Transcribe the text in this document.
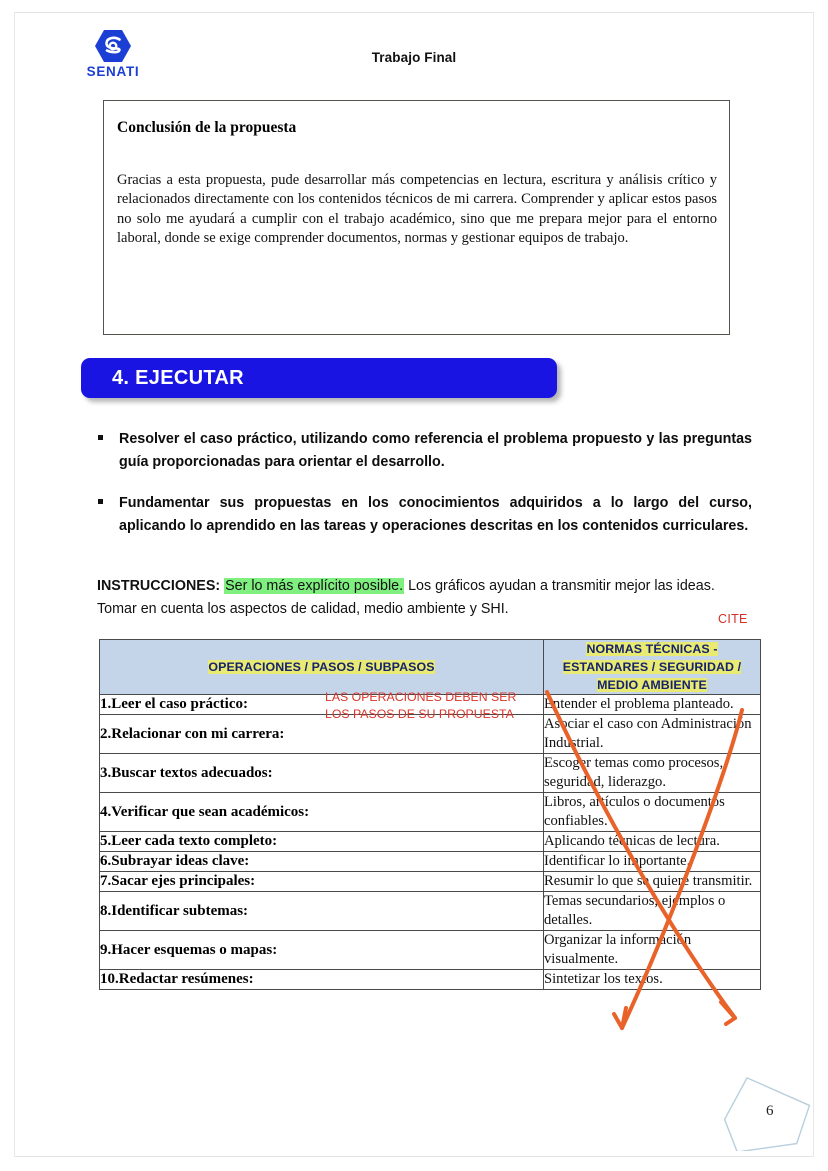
SENATI
Trabajo Final
Conclusión de la propuesta
Gracias a esta propuesta, pude desarrollar más competencias en lectura, escritura y análisis crítico y relacionados directamente con los contenidos técnicos de mi carrera. Comprender y aplicar estos pasos no solo me ayudará a cumplir con el trabajo académico, sino que me prepara mejor para el entorno laboral, donde se exige comprender documentos, normas y gestionar equipos de trabajo.
4. EJECUTAR
Resolver el caso práctico, utilizando como referencia el problema propuesto y las preguntas guía proporcionadas para orientar el desarrollo.
Fundamentar sus propuestas en los conocimientos adquiridos a lo largo del curso, aplicando lo aprendido en las tareas y operaciones descritas en los contenidos curriculares.
INSTRUCCIONES: Ser lo más explícito posible. Los gráficos ayudan a transmitir mejor las ideas. Tomar en cuenta los aspectos de calidad, medio ambiente y SHI.
CITE
OPERACIONES / PASOS / SUBPASOS	NORMAS TÉCNICAS - ESTANDARES / SEGURIDAD / MEDIO AMBIENTE
1.Leer el caso práctico:	Entender el problema planteado.
2.Relacionar con mi carrera:	Asociar el caso con Administración Industrial.
3.Buscar textos adecuados:	Escoger temas como procesos, seguridad, liderazgo.
4.Verificar que sean académicos:	Libros, artículos o documentos confiables.
5.Leer cada texto completo:	Aplicando técnicas de lectura.
6.Subrayar ideas clave:	Identificar lo importante.
7.Sacar ejes principales:	Resumir lo que se quiere transmitir.
8.Identificar subtemas:	Temas secundarios, ejemplos o detalles.
9.Hacer esquemas o mapas:	Organizar la información visualmente.
10.Redactar resúmenes:	Sintetizar los textos.
LAS OPERACIONES DEBEN SER LOS PASOS DE SU PROPUESTA
6
